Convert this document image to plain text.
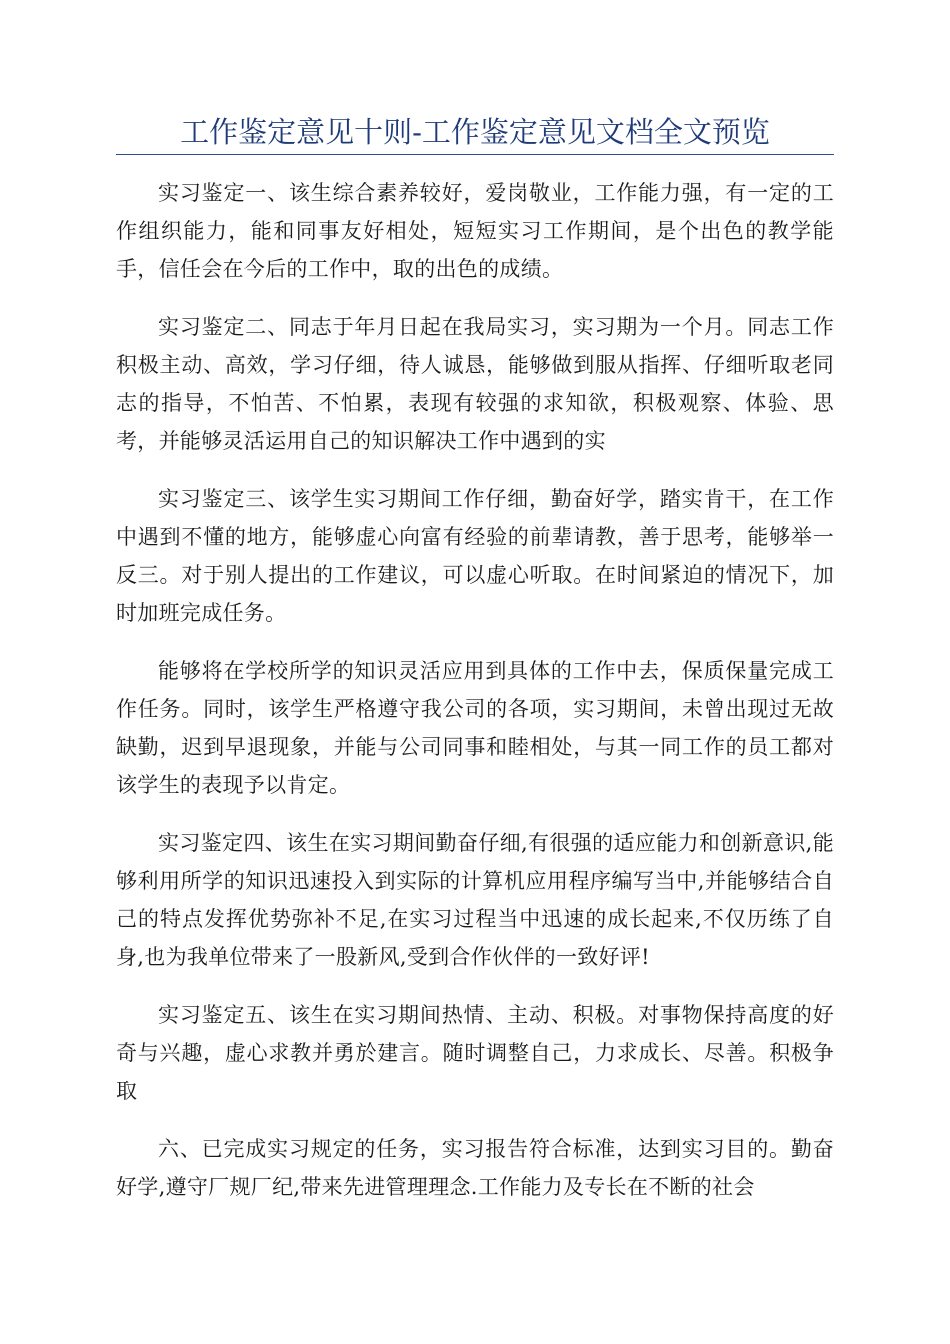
工作鉴定意见十则-工作鉴定意见文档全文预览

实习鉴定一、该生综合素养较好，爱岗敬业，工作能力强，有一定的工作组织能力，能和同事友好相处，短短实习工作期间，是个出色的教学能手，信任会在今后的工作中，取的出色的成绩。

实习鉴定二、同志于年月日起在我局实习，实习期为一个月。同志工作积极主动、高效，学习仔细，待人诚恳，能够做到服从指挥、仔细听取老同志的指导，不怕苦、不怕累，表现有较强的求知欲，积极观察、体验、思考，并能够灵活运用自己的知识解决工作中遇到的实

实习鉴定三、该学生实习期间工作仔细，勤奋好学，踏实肯干，在工作中遇到不懂的地方，能够虚心向富有经验的前辈请教，善于思考，能够举一反三。对于别人提出的工作建议，可以虚心听取。在时间紧迫的情况下，加时加班完成任务。

能够将在学校所学的知识灵活应用到具体的工作中去，保质保量完成工作任务。同时，该学生严格遵守我公司的各项，实习期间，未曾出现过无故缺勤，迟到早退现象，并能与公司同事和睦相处，与其一同工作的员工都对该学生的表现予以肯定。

实习鉴定四、该生在实习期间勤奋仔细,有很强的适应能力和创新意识,能够利用所学的知识迅速投入到实际的计算机应用程序编写当中,并能够结合自己的特点发挥优势弥补不足,在实习过程当中迅速的成长起来,不仅历练了自身,也为我单位带来了一股新风,受到合作伙伴的一致好评!

实习鉴定五、该生在实习期间热情、主动、积极。对事物保持高度的好奇与兴趣，虚心求教并勇於建言。随时调整自己，力求成长、尽善。积极争取

六、已完成实习规定的任务，实习报告符合标准，达到实习目的。勤奋好学,遵守厂规厂纪,带来先进管理理念.工作能力及专长在不断的社会
